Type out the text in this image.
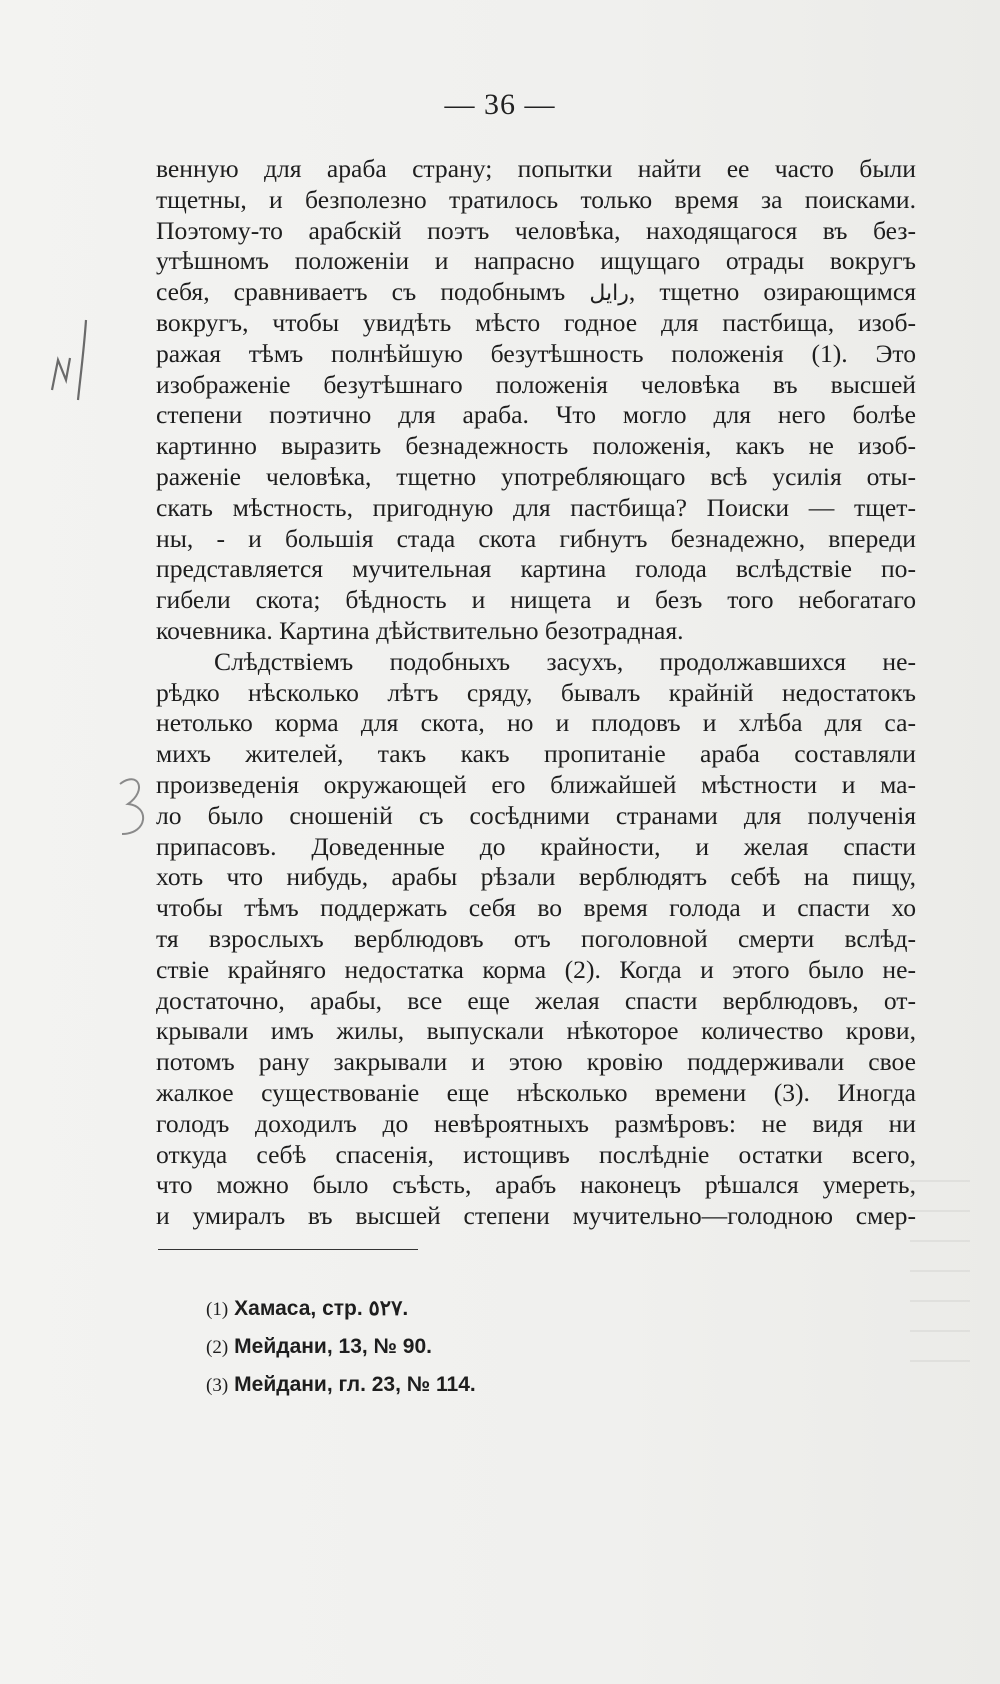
— 36 —
венную для араба страну; попытки найти ее часто были
тщетны, и безполезно тратилось только время за поисками.
Поэтому-то арабскій поэтъ человѣка, находящагося въ без-
утѣшномъ положеніи и напрасно ищущаго отрады вокругъ
себя, сравниваетъ съ подобнымъ رايل, тщетно озирающимся
вокругъ, чтобы увидѣть мѣсто годное для пастбища, изоб-
ражая тѣмъ полнѣйшую безутѣшность положенія (1). Это
изображеніе безутѣшнаго положенія человѣка въ высшей
степени поэтично для араба. Что могло для него болѣе
картинно выразить безнадежность положенія, какъ не изоб-
раженіе человѣка, тщетно употребляющаго всѣ усилія оты-
скать мѣстность, пригодную для пастбища? Поиски — тщет-
ны, - и большія стада скота гибнутъ безнадежно, впереди
представляется мучительная картина голода вслѣдствіе по-
гибели скота; бѣдность и нищета и безъ того небогатаго
кочевника. Картина дѣйствительно безотрадная.
Слѣдствіемъ подобныхъ засухъ, продолжавшихся не-
рѣдко нѣсколько лѣтъ сряду, бывалъ крайній недостатокъ
нетолько корма для скота, но и плодовъ и хлѣба для са-
михъ жителей, такъ какъ пропитаніе араба составляли
произведенія окружающей его ближайшей мѣстности и ма-
ло было сношеній съ сосѣдними странами для полученія
припасовъ. Доведенные до крайности, и желая спасти
хоть что нибудь, арабы рѣзали верблюдятъ себѣ на пищу,
чтобы тѣмъ поддержать себя во время голода и спасти хо
тя взрослыхъ верблюдовъ отъ поголовной смерти вслѣд-
ствіе крайняго недостатка корма (2). Когда и этого было не-
достаточно, арабы, все еще желая спасти верблюдовъ, от-
крывали имъ жилы, выпускали нѣкоторое количество крови,
потомъ рану закрывали и этою кровію поддерживали свое
жалкое существованіе еще нѣсколько времени (3). Иногда
голодъ доходилъ до невѣроятныхъ размѣровъ: не видя ни
откуда себѣ спасенія, истощивъ послѣдніе остатки всего,
что можно было съѣсть, арабъ наконецъ рѣшался умереть,
и умиралъ въ высшей степени мучительно—голодною смер-
(1) Хамаса, стр. ٥٢٧.
(2) Мейдани, 13, № 90.
(3) Мейдани, гл. 23, № 114.
